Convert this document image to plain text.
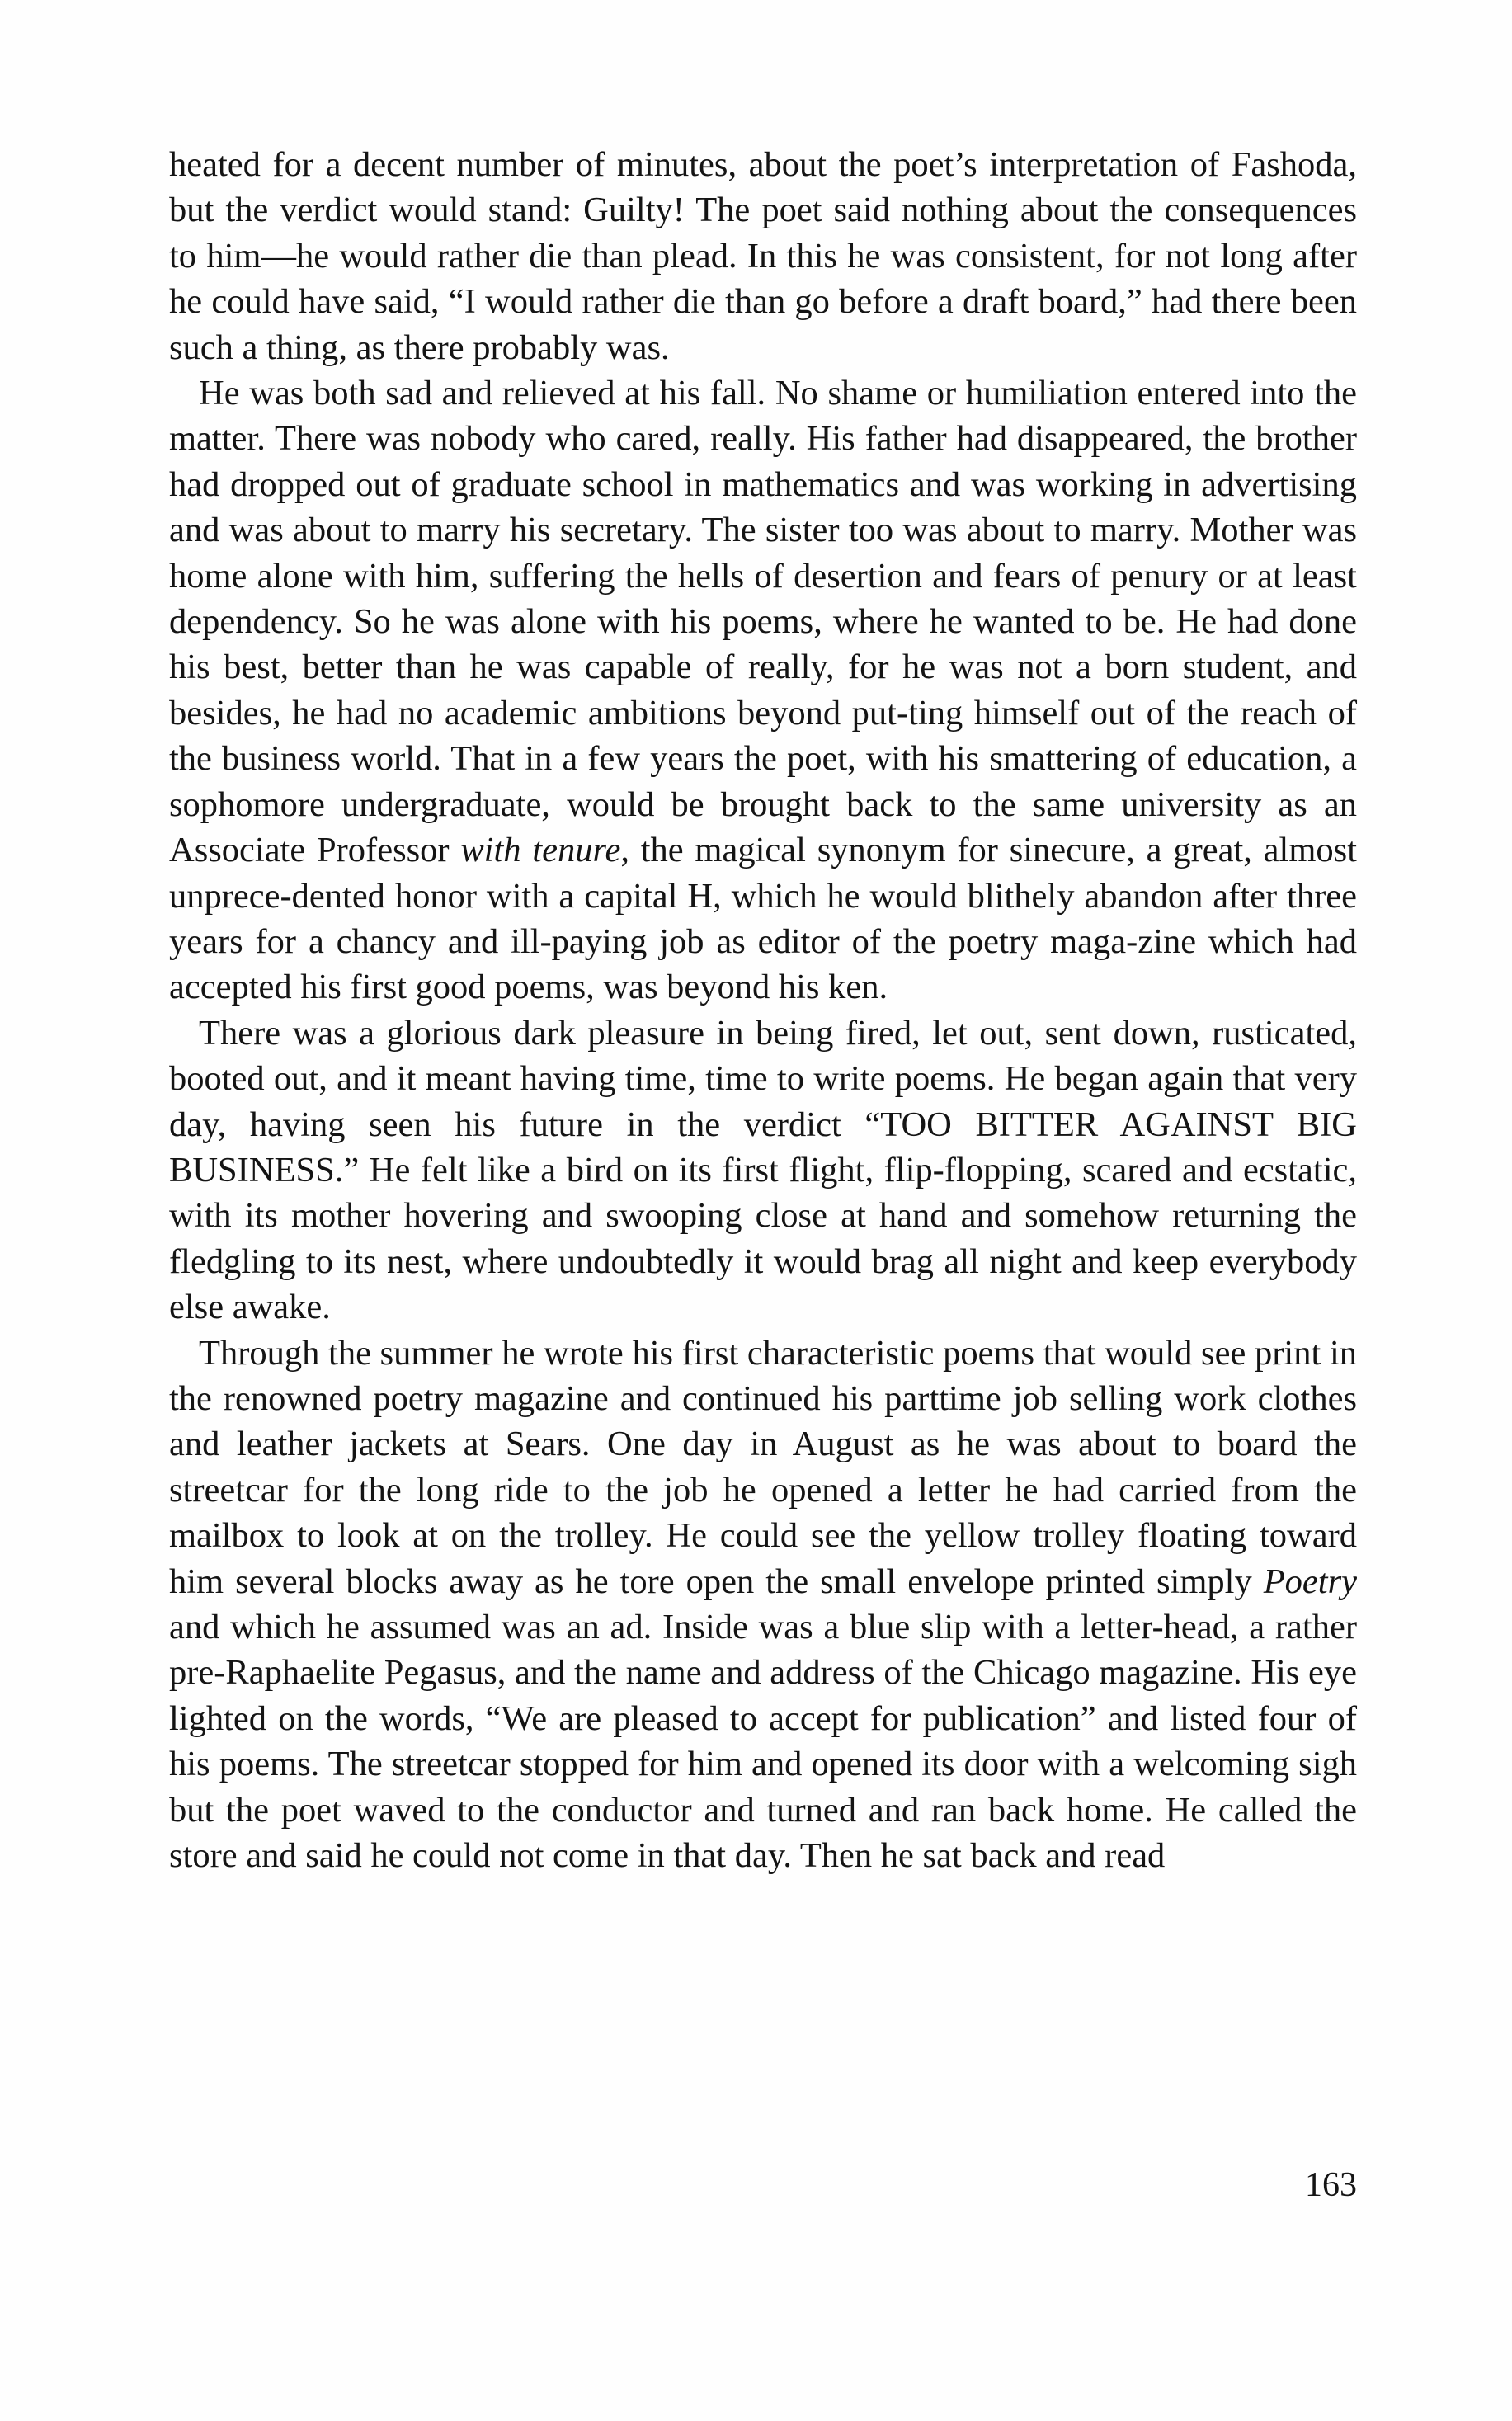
heated for a decent number of minutes, about the poet’s interpretation of Fashoda, but the verdict would stand: Guilty! The poet said nothing about the consequences to him—he would rather die than plead. In this he was consistent, for not long after he could have said, “I would rather die than go before a draft board,” had there been such a thing, as there probably was.

He was both sad and relieved at his fall. No shame or humiliation entered into the matter. There was nobody who cared, really. His father had disappeared, the brother had dropped out of graduate school in mathematics and was working in advertising and was about to marry his secretary. The sister too was about to marry. Mother was home alone with him, suffering the hells of desertion and fears of penury or at least dependency. So he was alone with his poems, where he wanted to be. He had done his best, better than he was capable of really, for he was not a born student, and besides, he had no academic ambitions beyond put-ting himself out of the reach of the business world. That in a few years the poet, with his smattering of education, a sophomore undergraduate, would be brought back to the same university as an Associate Professor with tenure, the magical synonym for sinecure, a great, almost unprece-dented honor with a capital H, which he would blithely abandon after three years for a chancy and ill-paying job as editor of the poetry maga-zine which had accepted his first good poems, was beyond his ken.

There was a glorious dark pleasure in being fired, let out, sent down, rusticated, booted out, and it meant having time, time to write poems. He began again that very day, having seen his future in the verdict “TOO BITTER AGAINST BIG BUSINESS.” He felt like a bird on its first flight, flip-flopping, scared and ecstatic, with its mother hovering and swooping close at hand and somehow returning the fledgling to its nest, where undoubtedly it would brag all night and keep everybody else awake.

Through the summer he wrote his first characteristic poems that would see print in the renowned poetry magazine and continued his parttime job selling work clothes and leather jackets at Sears. One day in August as he was about to board the streetcar for the long ride to the job he opened a letter he had carried from the mailbox to look at on the trolley. He could see the yellow trolley floating toward him several blocks away as he tore open the small envelope printed simply Poetry and which he assumed was an ad. Inside was a blue slip with a letter-head, a rather pre-Raphaelite Pegasus, and the name and address of the Chicago magazine. His eye lighted on the words, “We are pleased to accept for publication” and listed four of his poems. The streetcar stopped for him and opened its door with a welcoming sigh but the poet waved to the conductor and turned and ran back home. He called the store and said he could not come in that day. Then he sat back and read

163
